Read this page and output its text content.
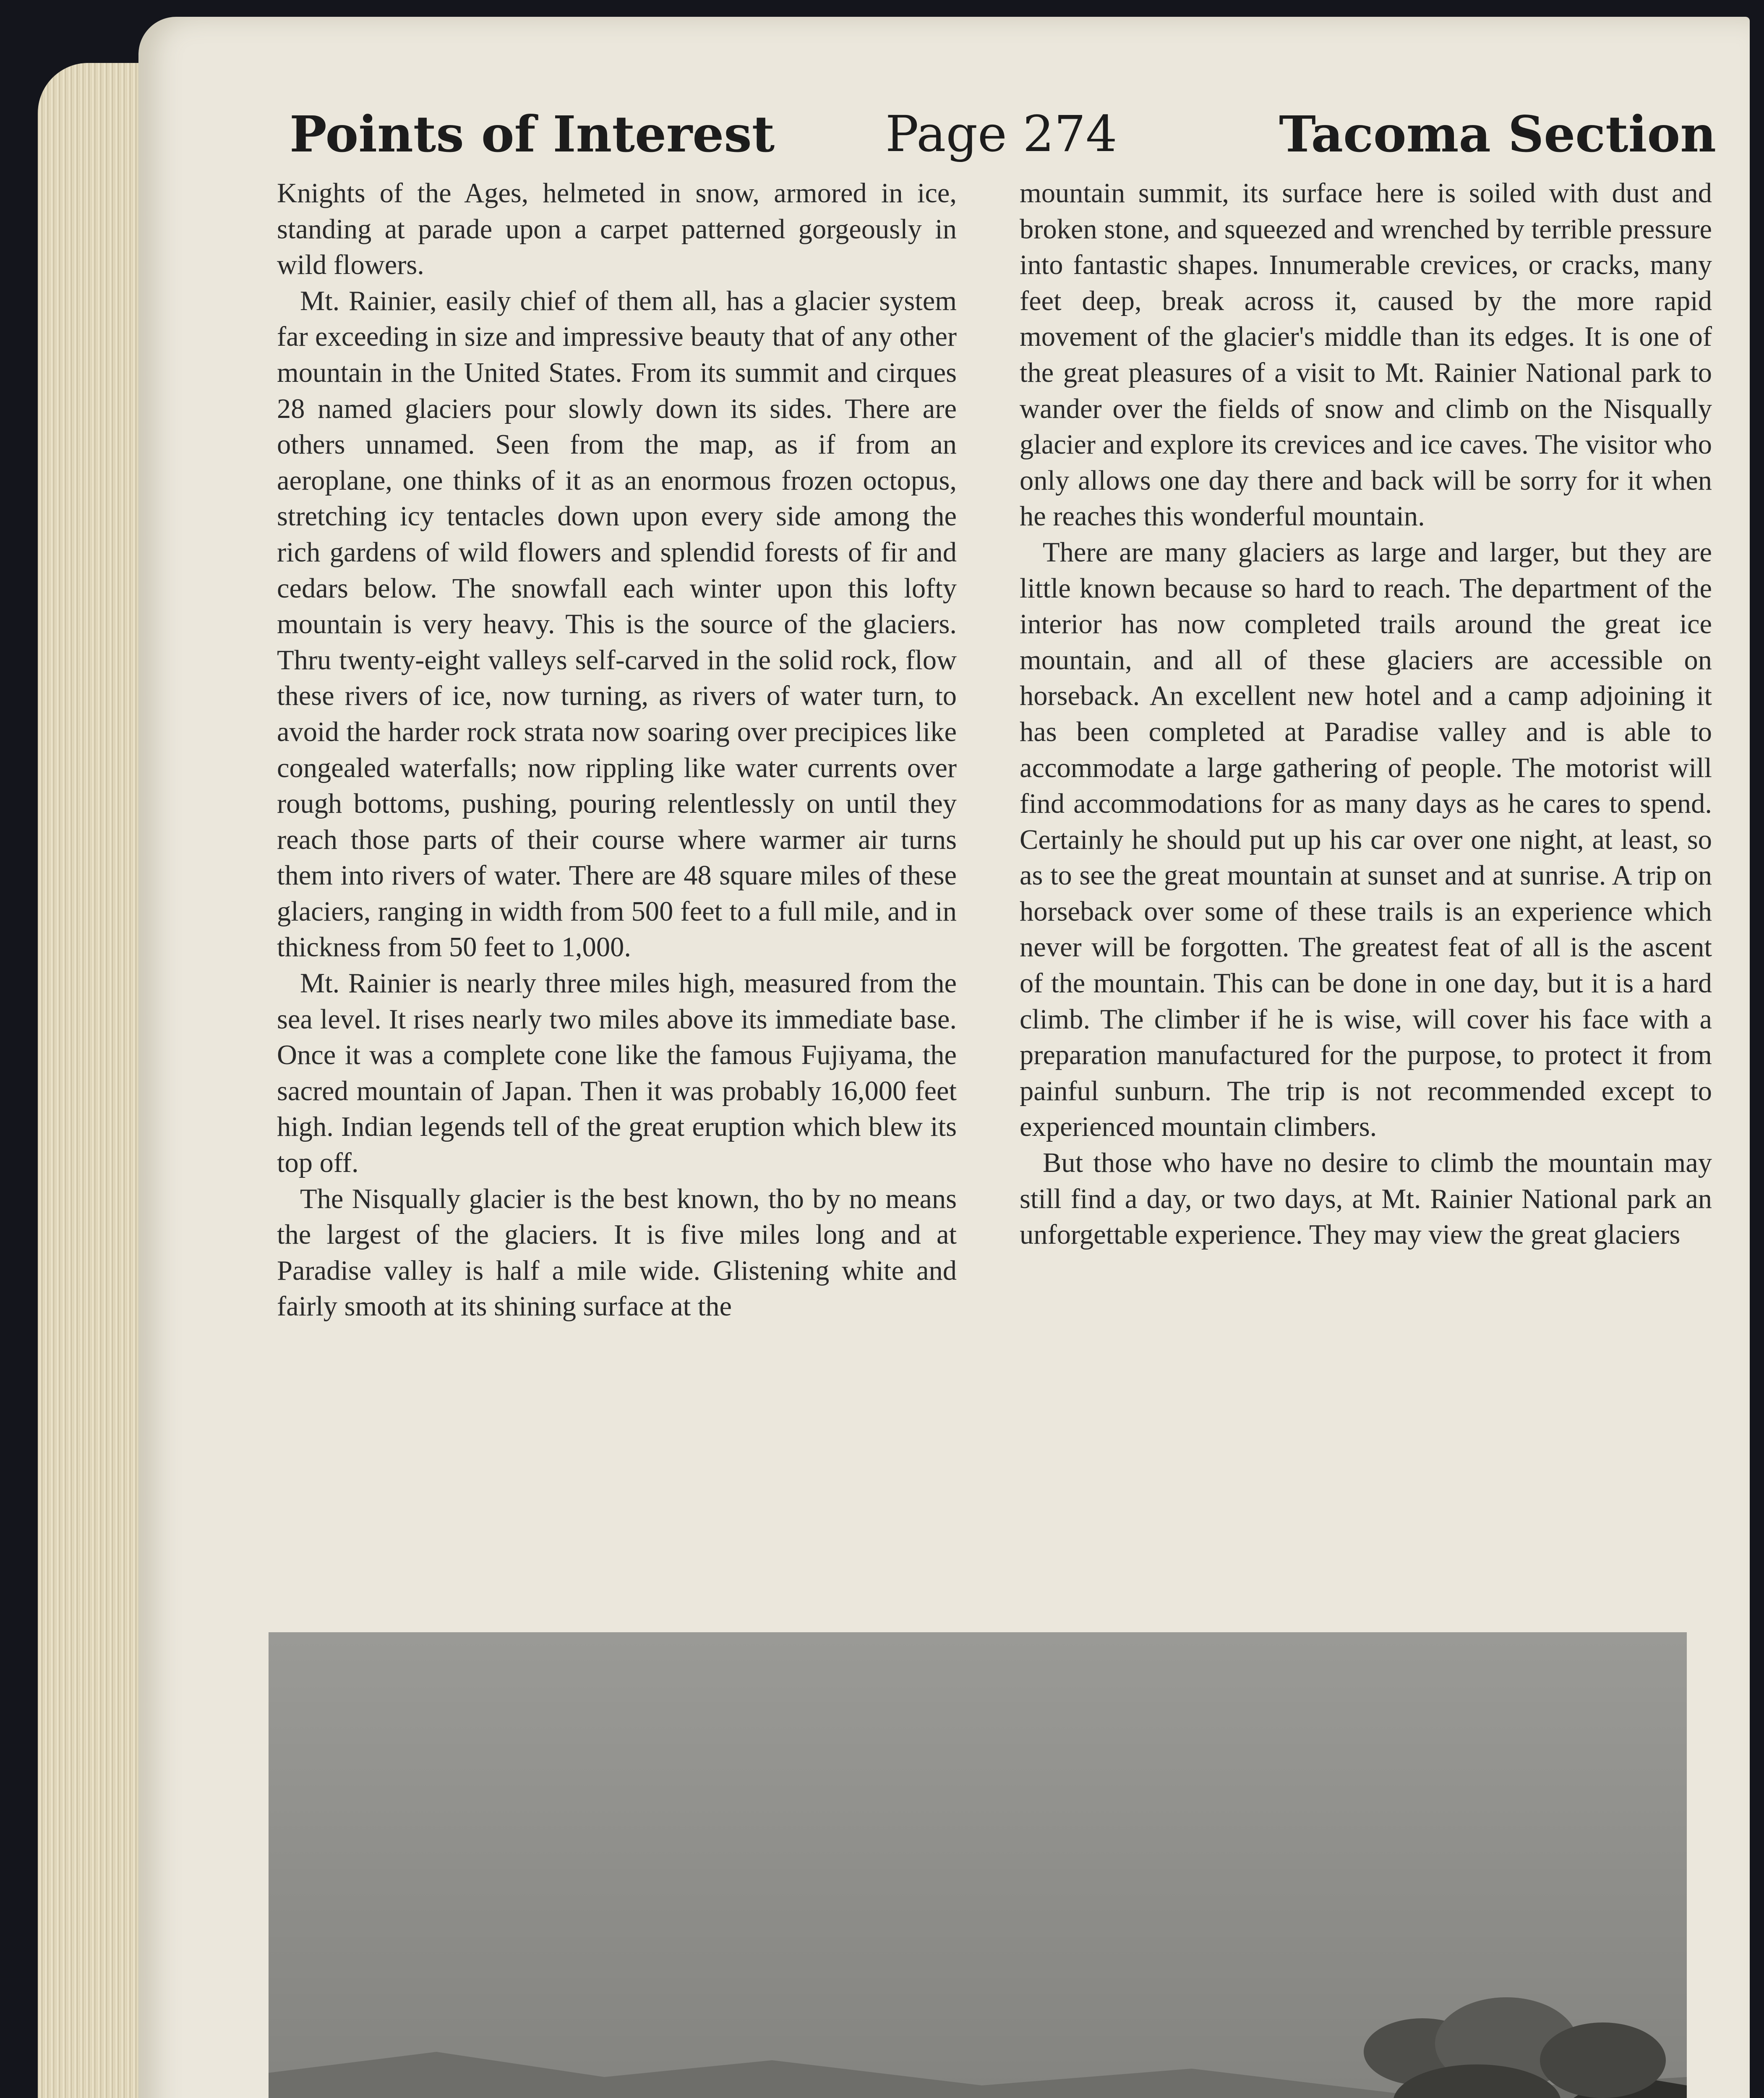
Points of Interest Page 274	Tacoma Section

Knights of the Ages, helmeted in snow, armored in ice, standing at parade upon a carpet patterned gorgeously in wild flowers.

Mt. Rainier, easily chief of them all, has a glacier system far exceeding in size and impressive beauty that of any other mountain in the United States. From its summit and cirques 28 named glaciers pour slowly down its sides. There are others unnamed. Seen from the map, as if from an aeroplane, one thinks of it as an enormous frozen octopus, stretching icy tentacles down upon every side among the rich gardens of wild flowers and splendid forests of fir and cedars below. The snowfall each winter upon this lofty mountain is very heavy. This is the source of the glaciers. Thru twenty-eight valleys self-carved in the solid rock, flow these rivers of ice, now turning, as rivers of water turn, to avoid the harder rock strata now soaring over precipices like congealed waterfalls; now rippling like water currents over rough bottoms, pushing, pouring relentlessly on until they reach those parts of their course where warmer air turns them into rivers of water. There are 48 square miles of these glaciers, ranging in width from 500 feet to a full mile, and in thickness from 50 feet to 1,000.

Mt. Rainier is nearly three miles high, measured from the sea level. It rises nearly two miles above its immediate base. Once it was a complete cone like the famous Fujiyama, the sacred mountain of Japan. Then it was probably 16,000 feet high. Indian legends tell of the great eruption which blew its top off.

The Nisqually glacier is the best known, tho by no means the largest of the glaciers. It is five miles long and at Paradise valley is half a mile wide. Glistening white and fairly smooth at its shining surface at the

mountain summit, its surface here is soiled with dust and broken stone, and squeezed and wrenched by terrible pressure into fantastic shapes. Innumerable crevices, or cracks, many feet deep, break across it, caused by the more rapid movement of the glacier's middle than its edges. It is one of the great pleasures of a visit to Mt. Rainier National park to wander over the fields of snow and climb on the Nisqually glacier and explore its crevices and ice caves. The visitor who only allows one day there and back will be sorry for it when he reaches this wonderful mountain.

There are many glaciers as large and larger, but they are little known because so hard to reach. The department of the interior has now completed trails around the great ice mountain, and all of these glaciers are accessible on horseback. An excellent new hotel and a camp adjoining it has been completed at Paradise valley and is able to accommodate a large gathering of people. The motorist will find accommodations for as many days as he cares to spend. Certainly he should put up his car over one night, at least, so as to see the great mountain at sunset and at sunrise. A trip on horseback over some of these trails is an experience which never will be forgotten. The greatest feat of all is the ascent of the mountain. This can be done in one day, but it is a hard climb. The climber if he is wise, will cover his face with a preparation manufactured for the purpose, to protect it from painful sunburn. The trip is not recommended except to experienced mountain climbers.

But those who have no desire to climb the mountain may still find a day, or two days, at Mt. Rainier National park an unforgettable experience. They may view the great glaciers
